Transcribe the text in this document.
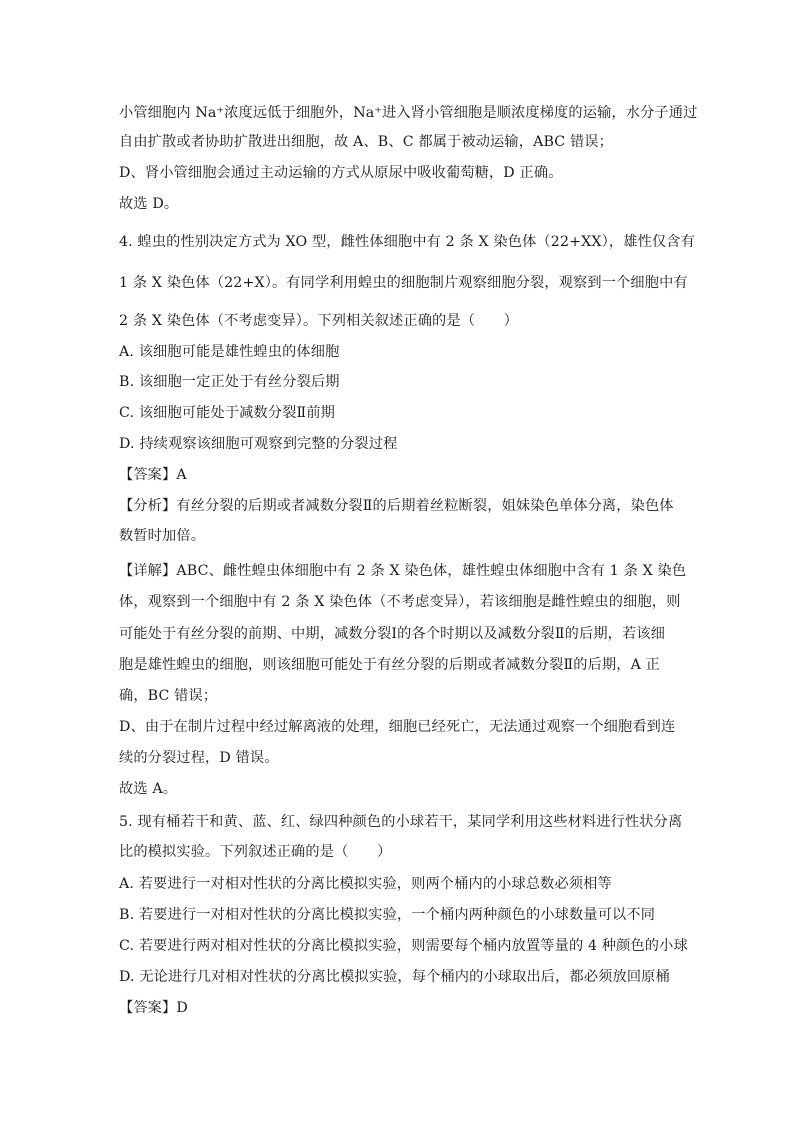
小管细胞内 Na⁺浓度远低于细胞外，Na⁺进入肾小管细胞是顺浓度梯度的运输，水分子通过
自由扩散或者协助扩散进出细胞，故 A、B、C 都属于被动运输，ABC 错误；
D、肾小管细胞会通过主动运输的方式从原尿中吸收葡萄糖，D 正确。
故选 D。
4. 蝗虫的性别决定方式为 XO 型，雌性体细胞中有 2 条 X 染色体（22+XX），雄性仅含有
1 条 X 染色体（22+X）。有同学利用蝗虫的细胞制片观察细胞分裂，观察到一个细胞中有
2 条 X 染色体（不考虑变异）。下列相关叙述正确的是（　　）
A. 该细胞可能是雄性蝗虫的体细胞
B. 该细胞一定正处于有丝分裂后期
C. 该细胞可能处于减数分裂Ⅱ前期
D. 持续观察该细胞可观察到完整的分裂过程
【答案】A
【分析】有丝分裂的后期或者减数分裂Ⅱ的后期着丝粒断裂，姐妹染色单体分离，染色体
数暂时加倍。
【详解】ABC、雌性蝗虫体细胞中有 2 条 X 染色体，雄性蝗虫体细胞中含有 1 条 X 染色
体，观察到一个细胞中有 2 条 X 染色体（不考虑变异），若该细胞是雌性蝗虫的细胞，则
可能处于有丝分裂的前期、中期，减数分裂Ⅰ的各个时期以及减数分裂Ⅱ的后期，若该细
胞是雄性蝗虫的细胞，则该细胞可能处于有丝分裂的后期或者减数分裂Ⅱ的后期，A 正
确，BC 错误；
D、由于在制片过程中经过解离液的处理，细胞已经死亡，无法通过观察一个细胞看到连
续的分裂过程，D 错误。
故选 A。
5. 现有桶若干和黄、蓝、红、绿四种颜色的小球若干，某同学利用这些材料进行性状分离
比的模拟实验。下列叙述正确的是（　　）
A. 若要进行一对相对性状的分离比模拟实验，则两个桶内的小球总数必须相等
B. 若要进行一对相对性状的分离比模拟实验，一个桶内两种颜色的小球数量可以不同
C. 若要进行两对相对性状的分离比模拟实验，则需要每个桶内放置等量的 4 种颜色的小球
D. 无论进行几对相对性状的分离比模拟实验，每个桶内的小球取出后，都必须放回原桶
【答案】D
